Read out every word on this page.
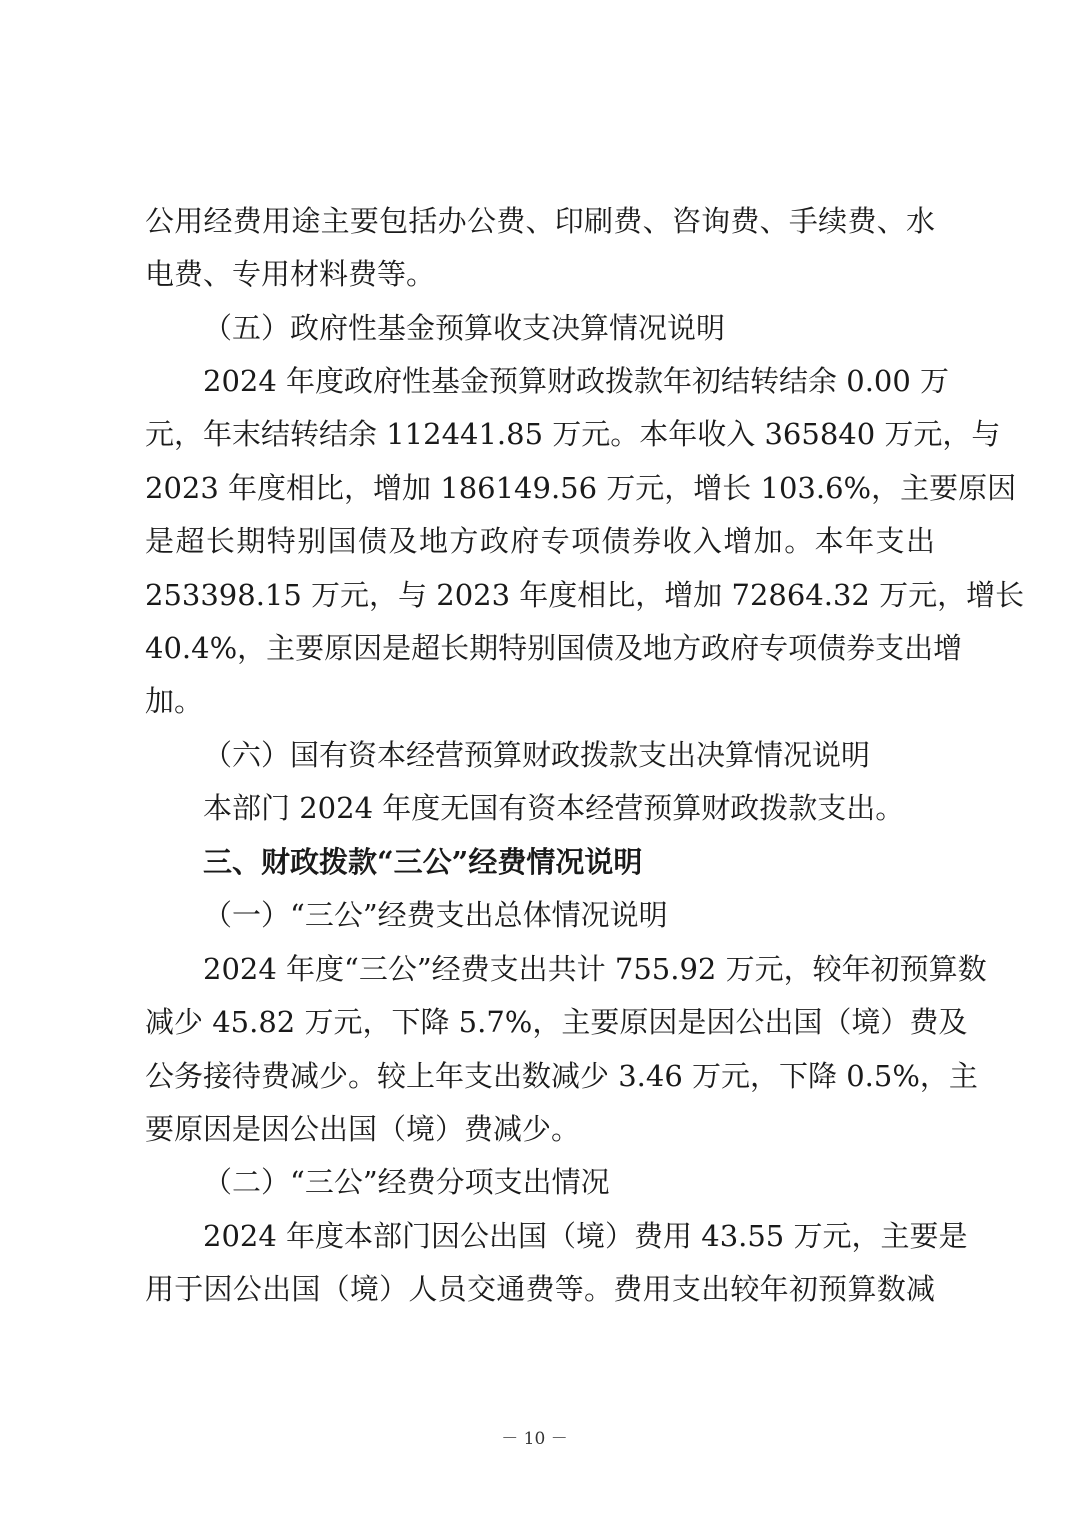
公用经费用途主要包括办公费、印刷费、咨询费、手续费、水
电费、专用材料费等。
（五）政府性基金预算收支决算情况说明
2024 年度政府性基金预算财政拨款年初结转结余 0.00 万
元，年末结转结余 112441.85 万元。本年收入 365840 万元，与
2023 年度相比，增加 186149.56 万元，增长 103.6%，主要原因
是超长期特别国债及地方政府专项债券收入增加。本年支出
253398.15 万元，与 2023 年度相比，增加 72864.32 万元，增长
40.4%，主要原因是超长期特别国债及地方政府专项债券支出增
加。
（六）国有资本经营预算财政拨款支出决算情况说明
本部门 2024 年度无国有资本经营预算财政拨款支出。
三、财政拨款“三公”经费情况说明
（一）“三公”经费支出总体情况说明
2024 年度“三公”经费支出共计 755.92 万元，较年初预算数
减少 45.82 万元，下降 5.7%，主要原因是因公出国（境）费及
公务接待费减少。较上年支出数减少 3.46 万元，下降 0.5%，主
要原因是因公出国（境）费减少。
（二）“三公”经费分项支出情况
2024 年度本部门因公出国（境）费用 43.55 万元，主要是
用于因公出国（境）人员交通费等。费用支出较年初预算数减
－ 10 －
